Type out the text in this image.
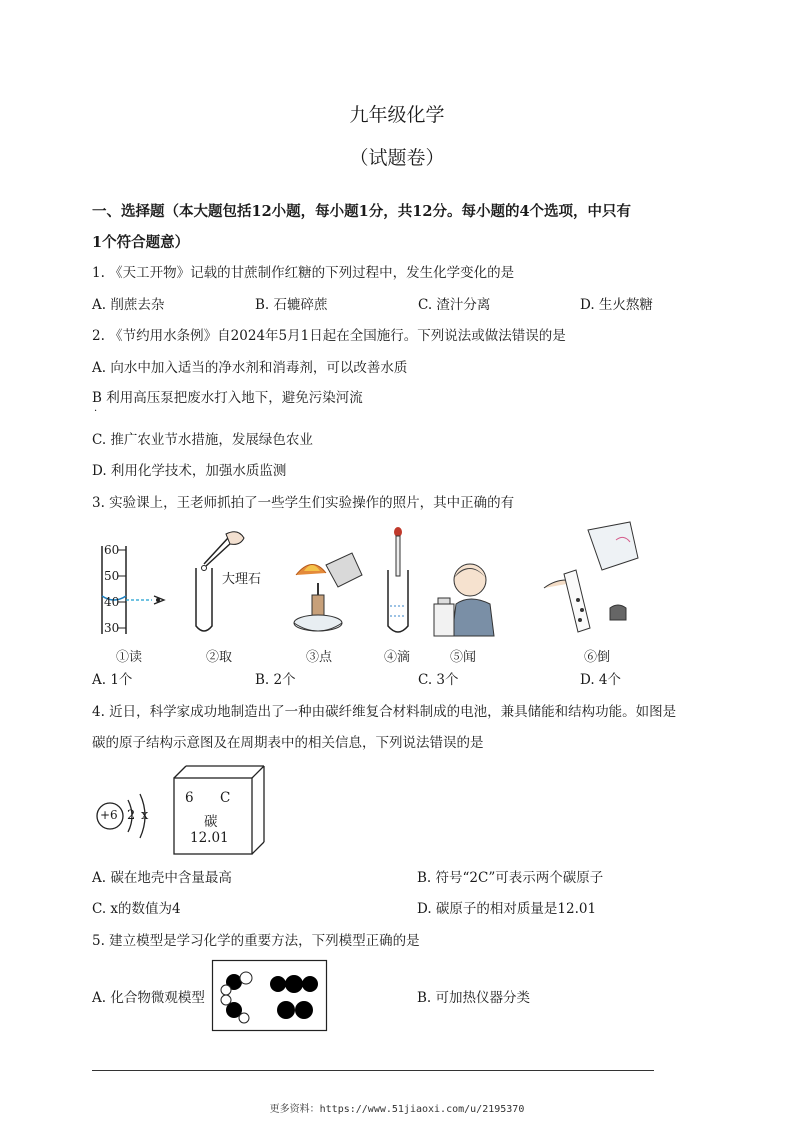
九年级化学
（试题卷）
一、选择题（本大题包括12小题，每小题1分，共12分。每小题的4个选项，中只有
1个符合题意）
1. 《天工开物》记载的甘蔗制作红糖的下列过程中，发生化学变化的是
A. 削蔗去杂	B. 石辘碎蔗	C. 渣汁分离	D. 生火熬糖
2. 《节约用水条例》自2024年5月1日起在全国施行。下列说法或做法错误的是
A. 向水中加入适当的净水剂和消毒剂，可以改善水质
B 利用高压泵把废水打入地下，避免污染河流
·
C. 推广农业节水措施，发展绿色农业
D. 利用化学技术，加强水质监测
3. 实验课上，王老师抓拍了一些学生们实验操作的照片，其中正确的有
60
50
40
30
大理石
①读	②取	③点	④滴	⑤闻	⑥倒
A. 1个	B. 2个	C. 3个	D. 4个
4. 近日，科学家成功地制造出了一种由碳纤维复合材料制成的电池，兼具储能和结构功能。如图是
碳的原子结构示意图及在周期表中的相关信息，下列说法错误的是
+6 2 x
6 C
碳
12.01
A. 碳在地壳中含量最高	B. 符号“2C”可表示两个碳原子
C. x的数值为4	D. 碳原子的相对质量是12.01
5. 建立模型是学习化学的重要方法，下列模型正确的是
A. 化合物微观模型	B. 可加热仪器分类
更多资料：https://www.51jiaoxi.com/u/2195370
